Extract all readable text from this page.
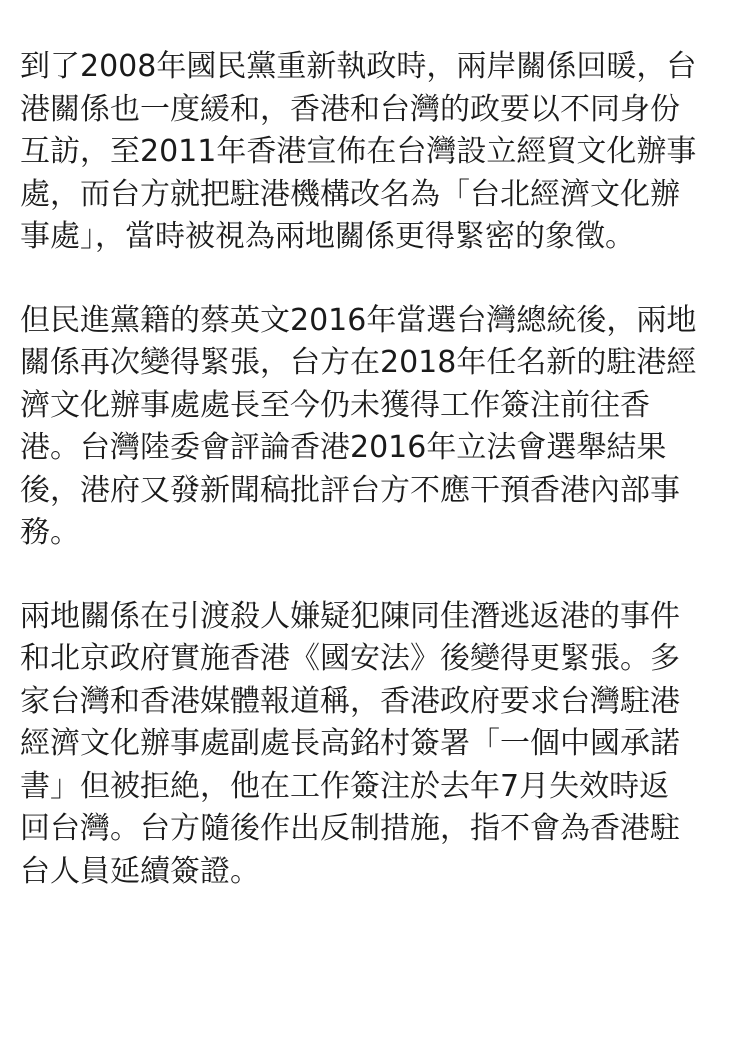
到了2008年國民黨重新執政時，兩岸關係回暖，台
港關係也一度緩和，香港和台灣的政要以不同身份
互訪，至2011年香港宣佈在台灣設立經貿文化辦事
處，而台方就把駐港機構改名為「台北經濟文化辦
事處」，當時被視為兩地關係更得緊密的象徵。

但民進黨籍的蔡英文2016年當選台灣總統後，兩地
關係再次變得緊張，台方在2018年任名新的駐港經
濟文化辦事處處長至今仍未獲得工作簽注前往香
港。台灣陸委會評論香港2016年立法會選舉結果
後，港府又發新聞稿批評台方不應干預香港內部事
務。

兩地關係在引渡殺人嫌疑犯陳同佳潛逃返港的事件
和北京政府實施香港《國安法》後變得更緊張。多
家台灣和香港媒體報道稱，香港政府要求台灣駐港
經濟文化辦事處副處長高銘村簽署「一個中國承諾
書」但被拒絶，他在工作簽注於去年7月失效時返
回台灣。台方隨後作出反制措施，指不會為香港駐
台人員延續簽證。
